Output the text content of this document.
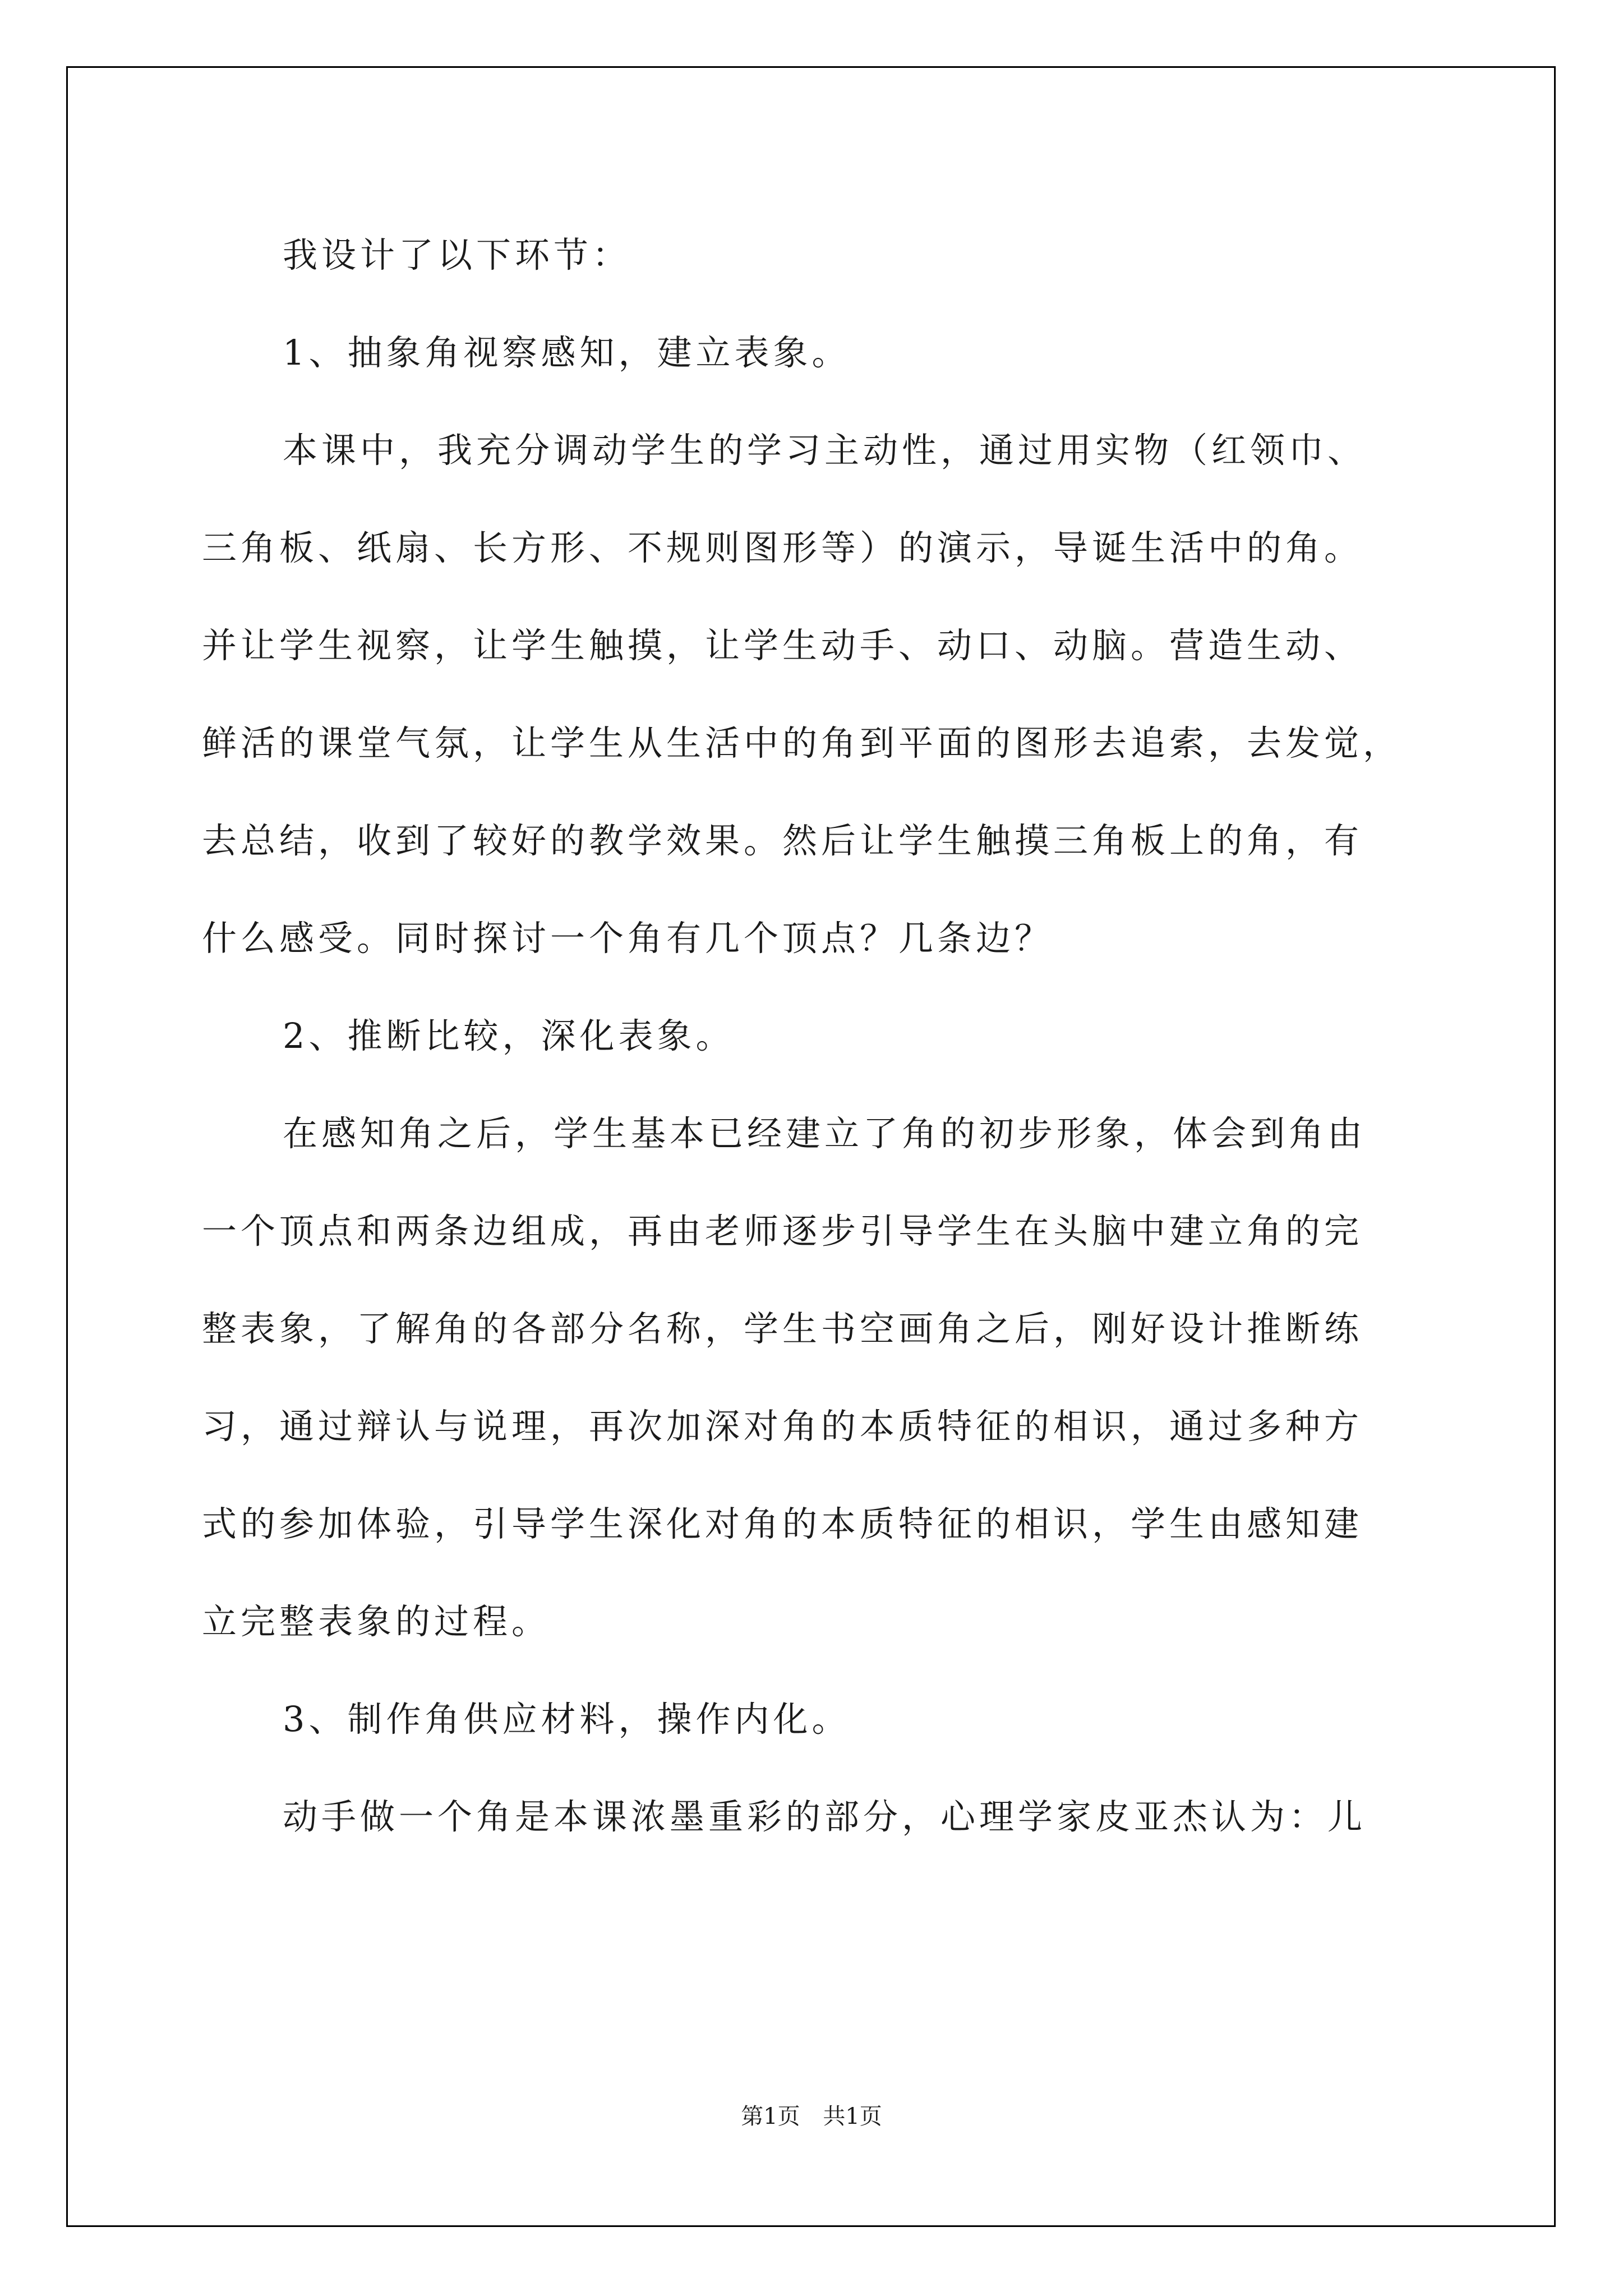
我设计了以下环节：
1、抽象角视察感知，建立表象。
本课中，我充分调动学生的学习主动性，通过用实物（红领巾、
三角板、纸扇、长方形、不规则图形等）的演示，导诞生活中的角。
并让学生视察，让学生触摸，让学生动手、动口、动脑。营造生动、
鲜活的课堂气氛，让学生从生活中的角到平面的图形去追索，去发觉，
去总结，收到了较好的教学效果。然后让学生触摸三角板上的角，有
什么感受。同时探讨一个角有几个顶点？几条边？
2、推断比较，深化表象。
在感知角之后，学生基本已经建立了角的初步形象，体会到角由
一个顶点和两条边组成，再由老师逐步引导学生在头脑中建立角的完
整表象，了解角的各部分名称，学生书空画角之后，刚好设计推断练
习，通过辩认与说理，再次加深对角的本质特征的相识，通过多种方
式的参加体验，引导学生深化对角的本质特征的相识，学生由感知建
立完整表象的过程。
3、制作角供应材料，操作内化。
动手做一个角是本课浓墨重彩的部分，心理学家皮亚杰认为：儿
第1页 共1页
